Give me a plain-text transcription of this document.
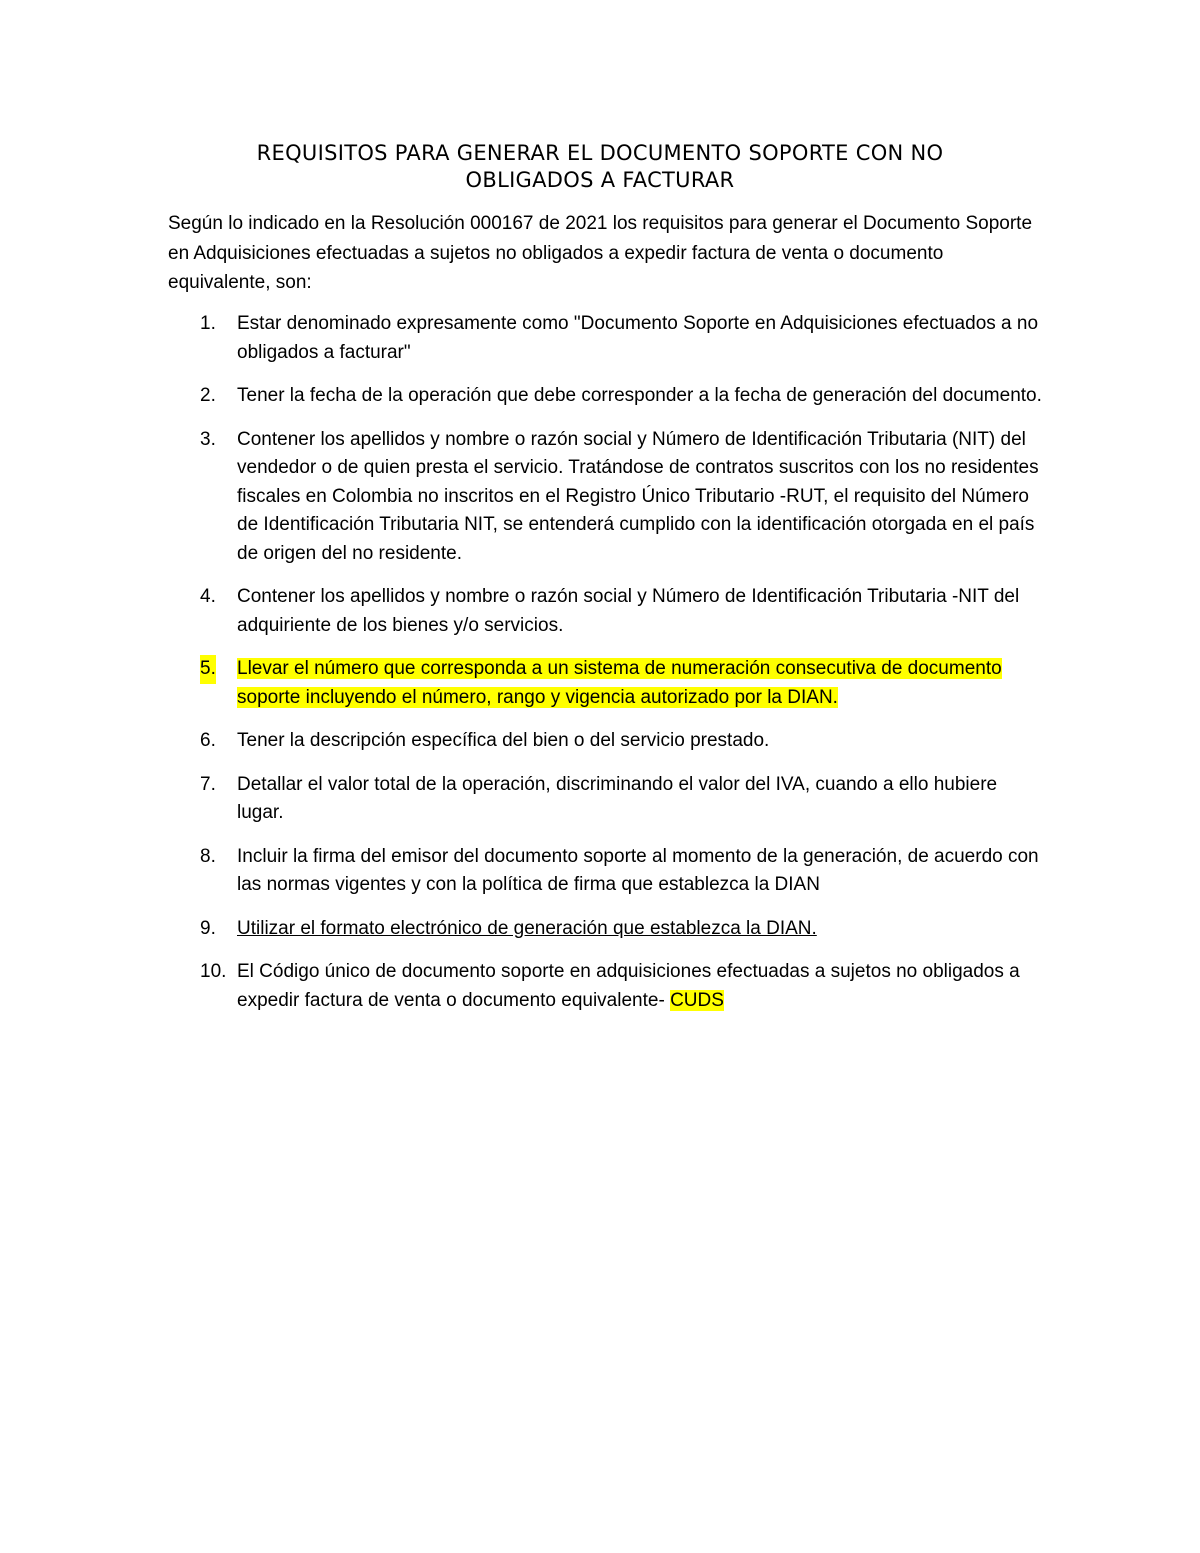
REQUISITOS PARA GENERAR EL DOCUMENTO SOPORTE CON NO
OBLIGADOS A FACTURAR

Según lo indicado en la Resolución 000167 de 2021 los requisitos para generar el Documento Soporte en Adquisiciones efectuadas a sujetos no obligados a expedir factura de venta o documento equivalente, son:

1. Estar denominado expresamente como "Documento Soporte en Adquisiciones efectuados a no obligados a facturar"
2. Tener la fecha de la operación que debe corresponder a la fecha de generación del documento.
3. Contener los apellidos y nombre o razón social y Número de Identificación Tributaria (NIT) del vendedor o de quien presta el servicio. Tratándose de contratos suscritos con los no residentes fiscales en Colombia no inscritos en el Registro Único Tributario -RUT, el requisito del Número de Identificación Tributaria NIT, se entenderá cumplido con la identificación otorgada en el país de origen del no residente.
4. Contener los apellidos y nombre o razón social y Número de Identificación Tributaria -NIT del adquiriente de los bienes y/o servicios.
5. Llevar el número que corresponda a un sistema de numeración consecutiva de documento soporte incluyendo el número, rango y vigencia autorizado por la DIAN.
6. Tener la descripción específica del bien o del servicio prestado.
7. Detallar el valor total de la operación, discriminando el valor del IVA, cuando a ello hubiere lugar.
8. Incluir la firma del emisor del documento soporte al momento de la generación, de acuerdo con las normas vigentes y con la política de firma que establezca la DIAN
9. Utilizar el formato electrónico de generación que establezca la DIAN.
10. El Código único de documento soporte en adquisiciones efectuadas a sujetos no obligados a expedir factura de venta o documento equivalente- CUDS
